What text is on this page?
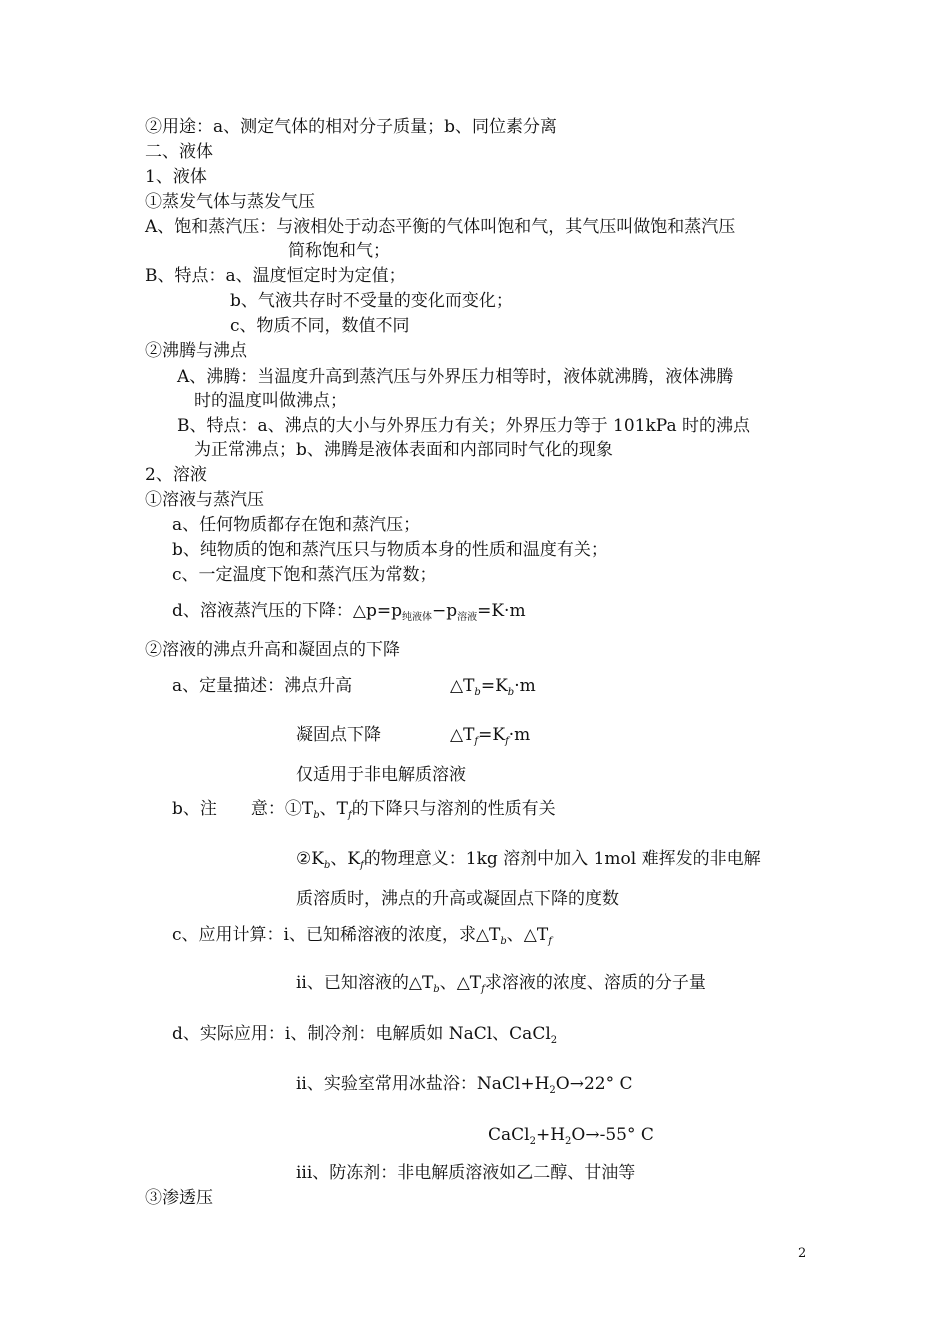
②用途：a、测定气体的相对分子质量；b、同位素分离
二、液体
1、液体
①蒸发气体与蒸发气压
A、饱和蒸汽压：与液相处于动态平衡的气体叫饱和气，其气压叫做饱和蒸汽压
简称饱和气；
B、特点：a、温度恒定时为定值；
b、气液共存时不受量的变化而变化；
c、物质不同，数值不同
②沸腾与沸点
A、沸腾：当温度升高到蒸汽压与外界压力相等时，液体就沸腾，液体沸腾
时的温度叫做沸点；
B、特点：a、沸点的大小与外界压力有关；外界压力等于 101kPa 时的沸点
为正常沸点；b、沸腾是液体表面和内部同时气化的现象
2、溶液
①溶液与蒸汽压
a、任何物质都存在饱和蒸汽压；
b、纯物质的饱和蒸汽压只与物质本身的性质和温度有关；
c、一定温度下饱和蒸汽压为常数；
d、溶液蒸汽压的下降：$\triangle p=p_{纯液体}-p_{溶液}=K\cdot m$
②溶液的沸点升高和凝固点的下降
a、定量描述：沸点升高	$\triangle T_b=K_b\cdot m$
凝固点下降	$\triangle T_f=K_f\cdot m$
仅适用于非电解质溶液
b、注　　意：$①T_b$、$T_f$的下降只与溶剂的性质有关
$②K_b$、$K_f$的物理意义：1kg 溶剂中加入 1mol 难挥发的非电解
质溶质时，沸点的升高或凝固点下降的度数
c、应用计算：i、已知稀溶液的浓度，求$\triangle T_b$、$\triangle T_f$
ii、已知溶液的$\triangle T_b$、$\triangle T_f$求溶液的浓度、溶质的分子量
d、实际应用：i、制冷剂：电解质如 NaCl、CaCl$_2$
ii、实验室常用冰盐浴：$NaCl+H_2O\to 22^\circ$ C
$CaCl_2+H_2O\to-55^\circ$ C
iii、防冻剂：非电解质溶液如乙二醇、甘油等
③渗透压
2
